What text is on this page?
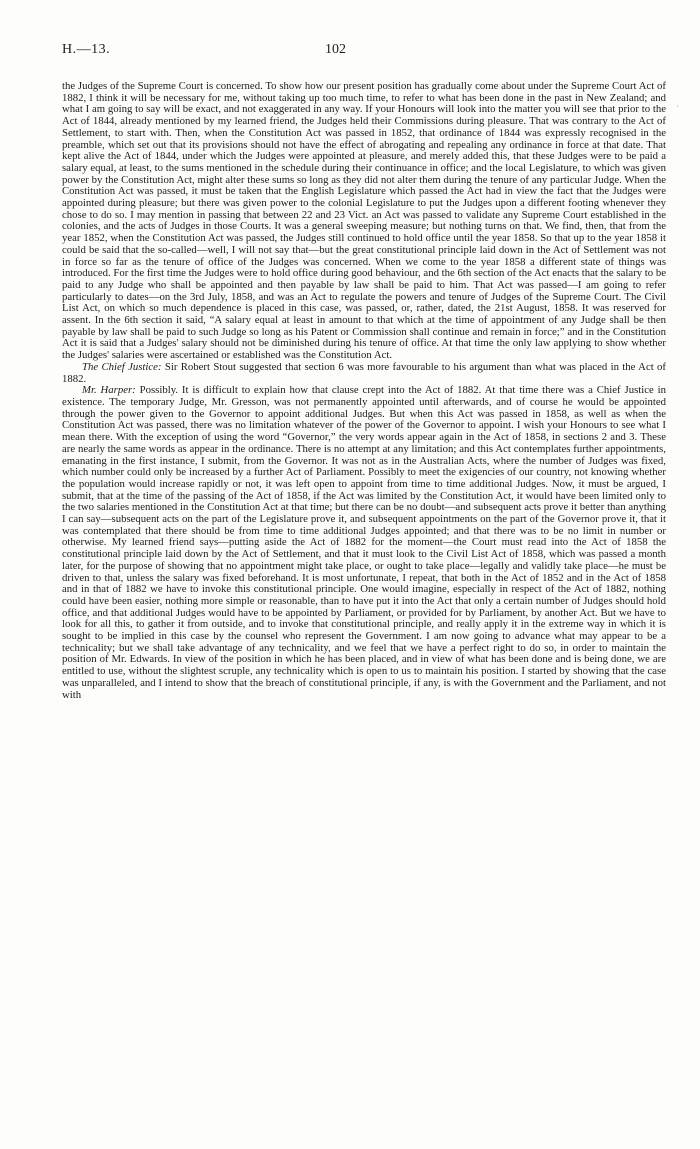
H.—13.	102
·

the Judges of the Supreme Court is concerned. To show how our present position has gradually come about under the Supreme Court Act of 1882, I think it will be necessary for me, without taking up too much time, to refer to what has been done in the past in New Zealand; and what I am going to say will be exact, and not exaggerated in any way. If your Honours will look into the matter you will see that prior to the Act of 1844, already mentioned by my learned friend, the Judges held their Commissions during pleasure. That was contrary to the Act of Settlement, to start with. Then, when the Constitution Act was passed in 1852, that ordinance of 1844 was expressly recognised in the preamble, which set out that its provisions should not have the effect of abrogating and repealing any ordinance in force at that date. That kept alive the Act of 1844, under which the Judges were appointed at pleasure, and merely added this, that these Judges were to be paid a salary equal, at least, to the sums mentioned in the schedule during their continuance in office; and the local Legislature, to which was given power by the Constitution Act, might alter these sums so long as they did not alter them during the tenure of any particular Judge. When the Constitution Act was passed, it must be taken that the English Legislature which passed the Act had in view the fact that the Judges were appointed during pleasure; but there was given power to the colonial Legislature to put the Judges upon a different footing whenever they chose to do so. I may mention in passing that between 22 and 23 Vict. an Act was passed to validate any Supreme Court established in the colonies, and the acts of Judges in those Courts. It was a general sweeping measure; but nothing turns on that. We find, then, that from the year 1852, when the Constitution Act was passed, the Judges still continued to hold office until the year 1858. So that up to the year 1858 it could be said that the so-called—well, I will not say that—but the great constitutional principle laid down in the Act of Settlement was not in force so far as the tenure of office of the Judges was concerned. When we come to the year 1858 a different state of things was introduced. For the first time the Judges were to hold office during good behaviour, and the 6th section of the Act enacts that the salary to be paid to any Judge who shall be appointed and then payable by law shall be paid to him. That Act was passed—I am going to refer particularly to dates—on the 3rd July, 1858, and was an Act to regulate the powers and tenure of Judges of the Supreme Court. The Civil List Act, on which so much dependence is placed in this case, was passed, or, rather, dated, the 21st August, 1858. It was reserved for assent. In the 6th section it said, “A salary equal at least in amount to that which at the time of appointment of any Judge shall be then payable by law shall be paid to such Judge so long as his Patent or Commission shall continue and remain in force;” and in the Constitution Act it is said that a Judges' salary should not be diminished during his tenure of office. At that time the only law applying to show whether the Judges' salaries were ascertained or established was the Constitution Act.

The Chief Justice: Sir Robert Stout suggested that section 6 was more favourable to his argument than what was placed in the Act of 1882.

Mr. Harper: Possibly. It is difficult to explain how that clause crept into the Act of 1882. At that time there was a Chief Justice in existence. The temporary Judge, Mr. Gresson, was not permanently appointed until afterwards, and of course he would be appointed through the power given to the Governor to appoint additional Judges. But when this Act was passed in 1858, as well as when the Constitution Act was passed, there was no limitation whatever of the power of the Governor to appoint. I wish your Honours to see what I mean there. With the exception of using the word “Governor,” the very words appear again in the Act of 1858, in sections 2 and 3. These are nearly the same words as appear in the ordinance. There is no attempt at any limitation; and this Act contemplates further appointments, emanating in the first instance, I submit, from the Governor. It was not as in the Australian Acts, where the number of Judges was fixed, which number could only be increased by a further Act of Parliament. Possibly to meet the exigencies of our country, not knowing whether the population would increase rapidly or not, it was left open to appoint from time to time additional Judges. Now, it must be argued, I submit, that at the time of the passing of the Act of 1858, if the Act was limited by the Constitution Act, it would have been limited only to the two salaries mentioned in the Constitution Act at that time; but there can be no doubt—and subsequent acts prove it better than anything I can say—subsequent acts on the part of the Legislature prove it, and subsequent appointments on the part of the Governor prove it, that it was contemplated that there should be from time to time additional Judges appointed; and that there was to be no limit in number or otherwise. My learned friend says—putting aside the Act of 1882 for the moment—the Court must read into the Act of 1858 the constitutional principle laid down by the Act of Settlement, and that it must look to the Civil List Act of 1858, which was passed a month later, for the purpose of showing that no appointment might take place, or ought to take place—legally and validly take place—he must be driven to that, unless the salary was fixed beforehand. It is most unfortunate, I repeat, that both in the Act of 1852 and in the Act of 1858 and in that of 1882 we have to invoke this constitutional principle. One would imagine, especially in respect of the Act of 1882, nothing could have been easier, nothing more simple or reasonable, than to have put it into the Act that only a certain number of Judges should hold office, and that additional Judges would have to be appointed by Parliament, or provided for by Parliament, by another Act. But we have to look for all this, to gather it from outside, and to invoke that constitutional principle, and really apply it in the extreme way in which it is sought to be implied in this case by the counsel who represent the Government. I am now going to advance what may appear to be a technicality; but we shall take advantage of any technicality, and we feel that we have a perfect right to do so, in order to maintain the position of Mr. Edwards. In view of the position in which he has been placed, and in view of what has been done and is being done, we are entitled to use, without the slightest scruple, any technicality which is open to us to maintain his position. I started by showing that the case was unparalleled, and I intend to show that the breach of constitutional principle, if any, is with the Government and the Parliament, and not with
